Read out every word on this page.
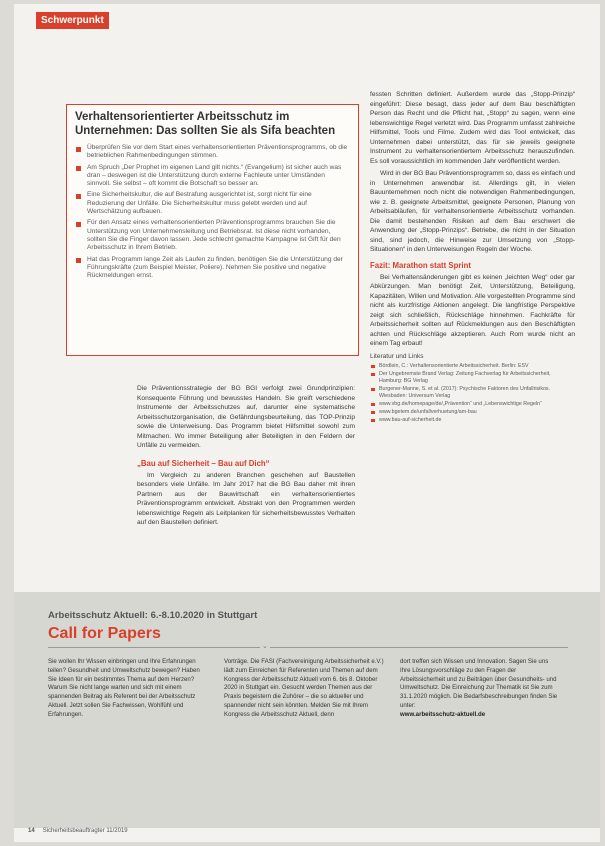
Schwerpunkt
Verhaltensorientierter Arbeitsschutz im Unternehmen: Das sollten Sie als Sifa beachten
Überprüfen Sie vor dem Start eines verhaltensorientierten Präventionsprogramms, ob die betrieblichen Rahmenbedingungen stimmen.
Am Spruch „Der Prophet im eigenen Land gilt nichts.“ (Evangelium) ist sicher auch was dran – deswegen ist die Unterstützung durch externe Fachleute unter Umständen sinnvoll. Sie selbst – oft kommt die Botschaft so besser an.
Eine Sicherheitskultur, die auf Bestrafung ausgerichtet ist, sorgt nicht für eine Reduzierung der Unfälle. Die Sicherheitskultur muss gelebt werden und auf Wertschätzung aufbauen.
Für den Ansatz eines verhaltensorientierten Präventionsprogramms brauchen Sie die Unterstützung von Unternehmensleitung und Betriebsrat. Ist diese nicht vorhanden, sollten Sie die Finger davon lassen. Jede schlecht gemachte Kampagne ist Gift für den Arbeitsschutz in Ihrem Betrieb.
Hat das Programm lange Zeit als Laufen zu finden, benötigen Sie die Unterstützung der Führungskräfte (zum Beispiel Meister, Poliere). Nehmen Sie positive und negative Rückmeldungen ernst.

fessten Schritten definiert. Außerdem wurde das „Stopp-Prinzip“ eingeführt: Diese besagt, dass jeder auf dem Bau beschäftigten Person das Recht und die Pflicht hat, „Stopp“ zu sagen, wenn eine lebenswichtige Regel verletzt wird. Das Programm umfasst zahlreiche Hilfsmittel, Tools und Filme. Zudem wird das Tool entwickelt, das Unternehmen dabei unterstützt, das für sie jeweils geeignete Instrument zu verhaltensorientiertem Arbeitsschutz herauszufinden. Es soll voraussichtlich im kommenden Jahr veröffentlicht werden.

Wird in der BG Bau Präventionsprogramm so, dass es einfach und in Unternehmen anwendbar ist. Allerdings gilt, in vielen Bauunternehmen noch nicht die notwendigen Rahmenbedingungen, wie z. B. geeignete Arbeitsmittel, geeignete Personen, Planung von Arbeitsabläufen, für verhaltensorientierte Arbeitsschutz vorhanden. Die damit bestehenden Risiken auf dem Bau erschwert die Anwendung der „Stopp-Prinzips“. Betriebe, die nicht in der Situation sind, sind jedoch, die Hinweise zur Umsetzung von „Stopp-Situationen“ in den Unterweisungen Regeln der Woche.

Fazit: Marathon statt Sprint

Bei Verhaltensänderungen gibt es keinen „leichten Weg“ oder gar Abkürzungen. Man benötigt Zeit, Unterstützung, Beteiligung, Kapazitäten, Willen und Motivation. Alle vorgestellten Programme sind nicht als kurzfristige Aktionen angelegt. Die langfristige Perspektive zeigt sich schließlich, Rückschläge hinnehmen. Fachkräfte für Arbeitssicherheit sollten auf Rückmeldungen aus den Beschäftigten achten und Rückschläge akzeptieren. Auch Rom wurde nicht an einem Tag erbaut!

Literatur und Links
Bördlein, C.: Verhaltensorientierte Arbeitssicherheit. Berlin: ESV
Der Ungebremste Brand Verlag: Zeitung Fachverlag für Arbeitssicherheit, Hamburg: BG Verlag
Burgener-Manne, S. et al. (2017): Psychische Faktoren des Unfallrisikos. Wiesbaden: Universum Verlag
www.vbg.de/homepage/de/„Prävention“ und „Lebenswichtige Regeln“
www.bgetem.de/unfallverhuetung/am-bau
www.bau-auf-sicherheit.de

Die Präventionsstrategie der BG BGI verfolgt zwei Grundprinzipien: Konsequente Führung und bewusstes Handeln. Sie greift verschiedene Instrumente der Arbeitsschutzes auf, darunter eine systematische Arbeitsschutzorganisation, die Gefährdungsbeurteilung, das TOP-Prinzip sowie die Unterweisung. Das Programm bietet Hilfsmittel sowohl zum Mitmachen. Wo immer Beteiligung aller Beteiligten in den Feldern der Unfälle zu vermeiden.

„Bau auf Sicherheit – Bau auf Dich“

Im Vergleich zu anderen Branchen geschehen auf Baustellen besonders viele Unfälle. Im Jahr 2017 hat die BG Bau daher mit ihren Partnern aus der Bauwirtschaft ein verhaltensorientiertes Präventionsprogramm entwickelt. Abstrakt von den Programmen werden lebenswichtige Regeln als Leitplanken für sicherheitsbewusstes Verhalten auf den Baustellen definiert.

Arbeitsschutz Aktuell: 6.-8.10.2020 in Stuttgart
Call for Papers
⌄

Sie wollen Ihr Wissen einbringen und Ihre Erfahrungen teilen? Gesundheit und Umweltschutz bewegen? Haben Sie Ideen für ein bestimmtes Thema auf dem Herzen? Warum Sie nicht lange warten und sich mit einem spannenden Beitrag als Referent bei der Arbeitsschutz Aktuell. Jetzt sollen Sie Fachwissen, Wohlfühl und Erfahrungen.

Vorträge. Die FASI (Fachvereinigung Arbeitssicherheit e.V.) lädt zum Einreichen für Referenten und Themen auf dem Kongress der Arbeitsschutz Aktuell vom 6. bis 8. Oktober 2020 in Stuttgart ein. Gesucht werden Themen aus der Praxis begeistern die Zuhörer – die so aktueller und spannender nicht sein könnten. Melden Sie mit Ihrem Kongress die Arbeitsschutz Aktuell, denn

dort treffen sich Wissen und Innovation. Sagen Sie uns Ihre Lösungsvorschläge zu den Fragen der Arbeitssicherheit und zu Beiträgen über Gesundheits- und Umweltschutz. Die Einreichung zur Thematik ist Sie zum 31.1.2020 möglich. Die Bedarfsbeschreibungen finden Sie unter:

www.arbeitsschutz-aktuell.de

14 Sicherheitsbeauftragter 11/2019
